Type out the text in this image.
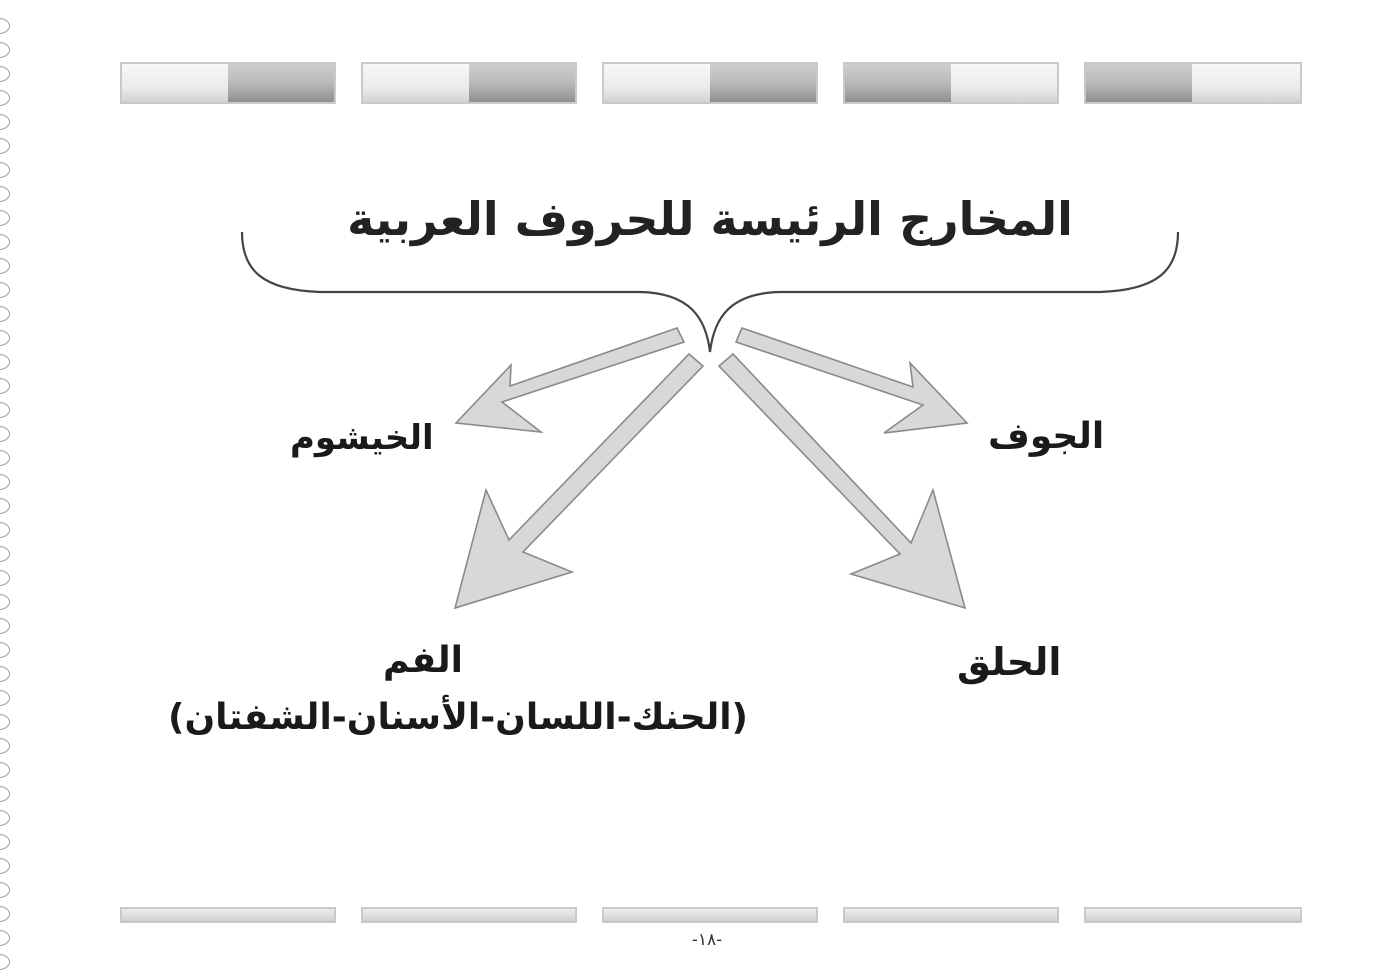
المخارج الرئيسة للحروف العربية
الخيشوم	الجوف
الفم
(الحنك-اللسان-الأسنان-الشفتان)
الحلق
-١٨-
